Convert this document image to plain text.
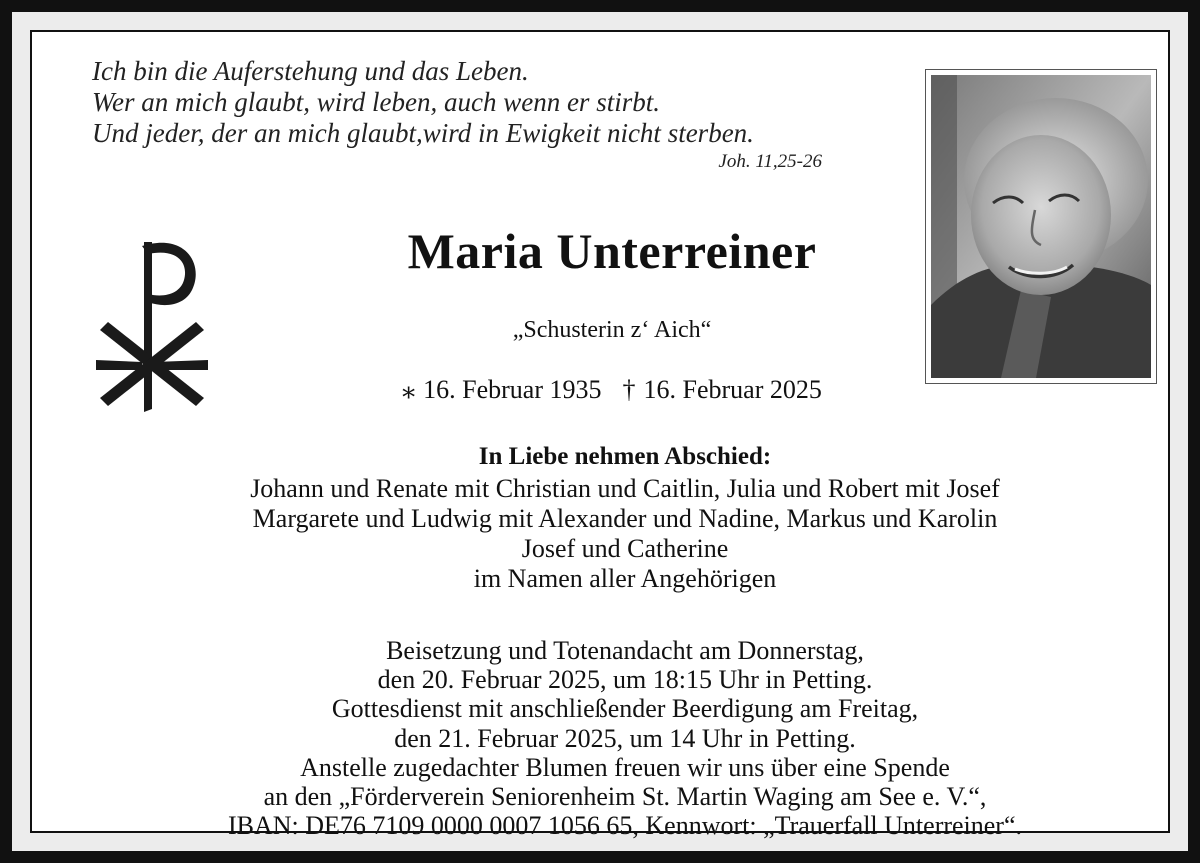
Ich bin die Auferstehung und das Leben.
Wer an mich glaubt, wird leben, auch wenn er stirbt.
Und jeder, der an mich glaubt,wird in Ewigkeit nicht sterben.
Joh. 11,25-26
Maria Unterreiner
„Schusterin z‘ Aich“
⁎ 16. Februar 1935 † 16. Februar 2025
In Liebe nehmen Abschied:
Johann und Renate mit Christian und Caitlin, Julia und Robert mit Josef
Margarete und Ludwig mit Alexander und Nadine, Markus und Karolin
Josef und Catherine
im Namen aller Angehörigen
Beisetzung und Totenandacht am Donnerstag,
den 20. Februar 2025, um 18:15 Uhr in Petting.
Gottesdienst mit anschließender Beerdigung am Freitag,
den 21. Februar 2025, um 14 Uhr in Petting.
Anstelle zugedachter Blumen freuen wir uns über eine Spende
an den „Förderverein Seniorenheim St. Martin Waging am See e. V.“,
IBAN: DE76 7109 0000 0007 1056 65, Kennwort: „Trauerfall Unterreiner“.
